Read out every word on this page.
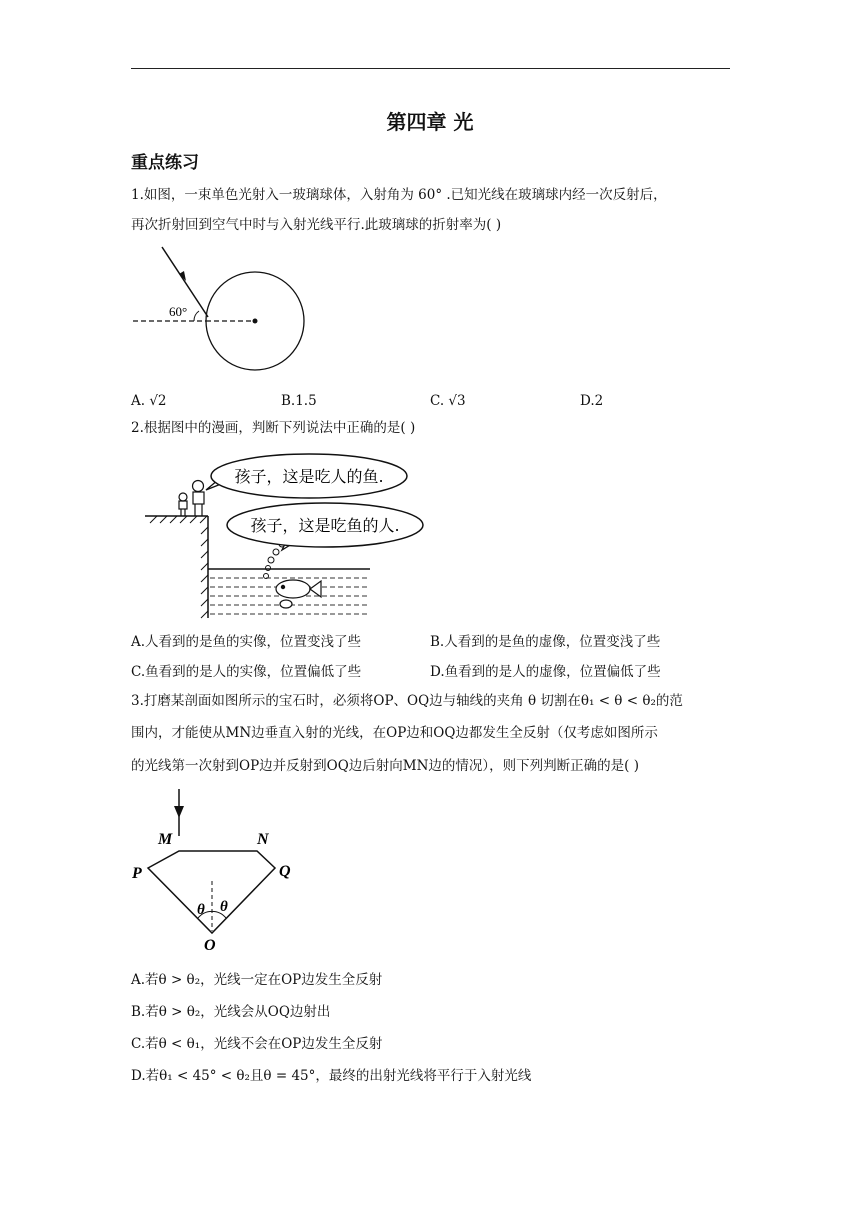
第四章 光
重点练习
1.如图，一束单色光射入一玻璃球体，入射角为 60° .已知光线在玻璃球内经一次反射后，
再次折射回到空气中时与入射光线平行.此玻璃球的折射率为( )
60°
A. √2	B.1.5	C. √3	D.2
2.根据图中的漫画，判断下列说法中正确的是( )
孩子，这是吃人的鱼.
孩子，这是吃鱼的人.
A.人看到的是鱼的实像，位置变浅了些	B.人看到的是鱼的虚像，位置变浅了些
C.鱼看到的是人的实像，位置偏低了些	D.鱼看到的是人的虚像，位置偏低了些
3.打磨某剖面如图所示的宝石时，必须将OP、OQ边与轴线的夹角 θ 切割在θ₁ < θ < θ₂的范
围内，才能使从MN边垂直入射的光线，在OP边和OQ边都发生全反射（仅考虑如图所示
的光线第一次射到OP边并反射到OQ边后射向MN边的情况），则下列判断正确的是( )
M	N
P	Q
O
θ θ
A.若θ > θ₂，光线一定在OP边发生全反射
B.若θ > θ₂，光线会从OQ边射出
C.若θ < θ₁，光线不会在OP边发生全反射
D.若θ₁ < 45° < θ₂且θ = 45°，最终的出射光线将平行于入射光线
